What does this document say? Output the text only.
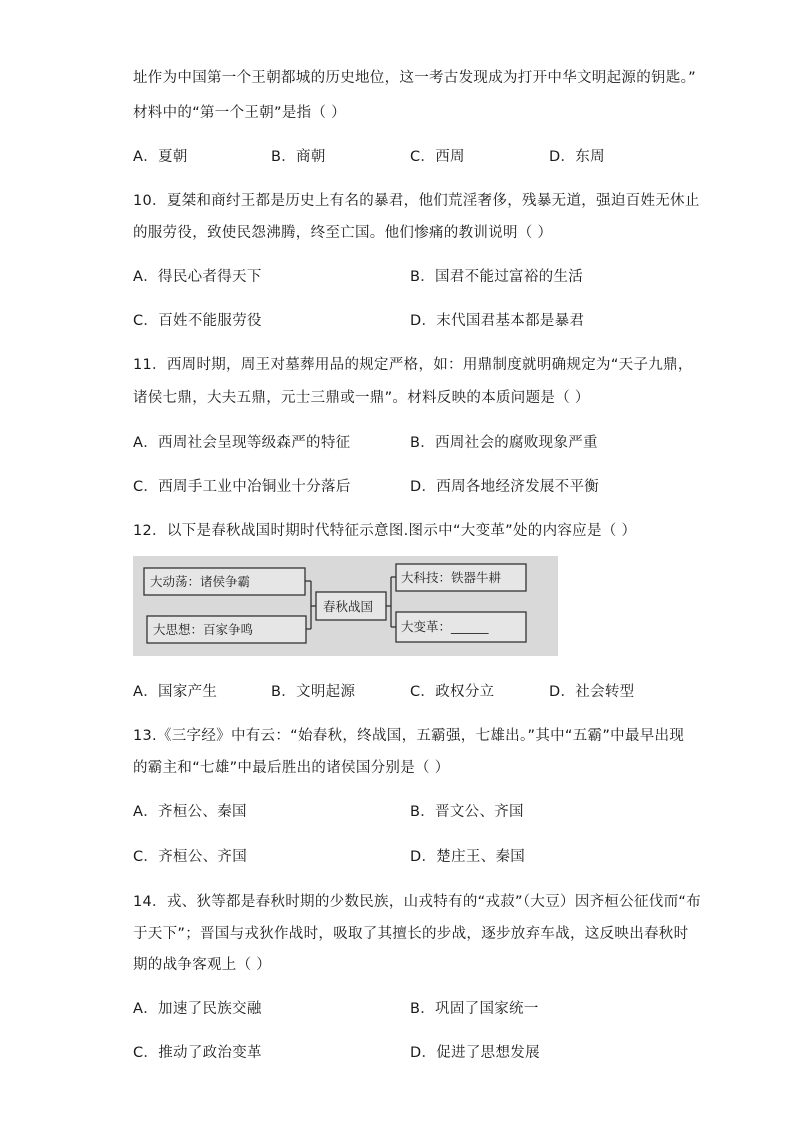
址作为中国第一个王朝都城的历史地位，这一考古发现成为打开中华文明起源的钥匙。”
材料中的“第一个王朝”是指（ ）
A．夏朝	B．商朝	C．西周	D．东周
10．夏桀和商纣王都是历史上有名的暴君，他们荒淫奢侈，残暴无道，强迫百姓无休止
的服劳役，致使民怨沸腾，终至亡国。他们惨痛的教训说明（ ）
A．得民心者得天下	B．国君不能过富裕的生活
C．百姓不能服劳役	D．末代国君基本都是暴君
11．西周时期，周王对墓葬用品的规定严格，如：用鼎制度就明确规定为“天子九鼎，
诸侯七鼎，大夫五鼎，元士三鼎或一鼎”。材料反映的本质问题是（ ）
A．西周社会呈现等级森严的特征	B．西周社会的腐败现象严重
C．西周手工业中冶铜业十分落后	D．西周各地经济发展不平衡
12．以下是春秋战国时期时代特征示意图.图示中“大变革”处的内容应是（ ）
大动荡：诸侯争霸
大思想：百家争鸣
春秋战国
大科技：铁器牛耕
大变革：______
A．国家产生	B．文明起源	C．政权分立	D．社会转型
13.《三字经》中有云：“始春秋，终战国，五霸强，七雄出。”其中“五霸”中最早出现
的霸主和“七雄”中最后胜出的诸侯国分别是（ ）
A．齐桓公、秦国	B．晋文公、齐国
C．齐桓公、齐国	D．楚庄王、秦国
14．戎、狄等都是春秋时期的少数民族，山戎特有的“戎菽”（大豆）因齐桓公征伐而“布
于天下”；晋国与戎狄作战时，吸取了其擅长的步战，逐步放弃车战，这反映出春秋时
期的战争客观上（ ）
A．加速了民族交融	B．巩固了国家统一
C．推动了政治变革	D．促进了思想发展
